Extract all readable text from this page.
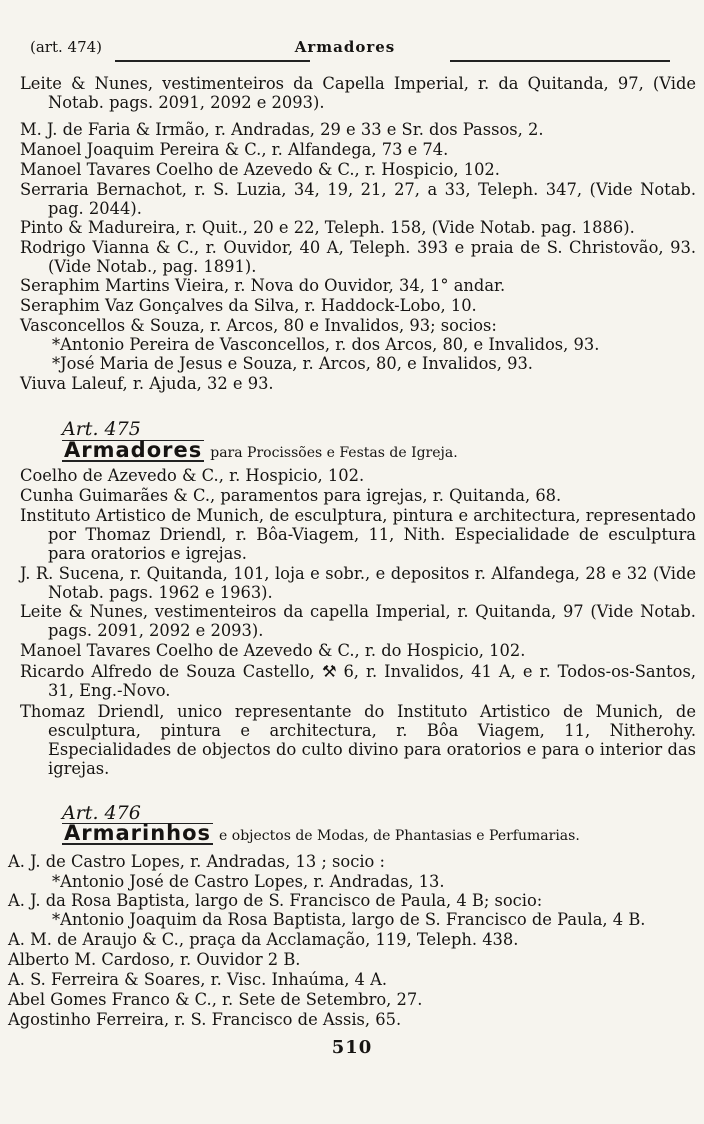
(art. 474)	Armadores
Leite & Nunes, vestimenteiros da Capella Imperial, r. da Quitanda, 97, (Vide Notab. pags. 2091, 2092 e 2093).
M. J. de Faria & Irmão, r. Andradas, 29 e 33 e Sr. dos Passos, 2.
Manoel Joaquim Pereira & C., r. Alfandega, 73 e 74.
Manoel Tavares Coelho de Azevedo & C., r. Hospicio, 102.
Serraria Bernachot, r. S. Luzia, 34, 19, 21, 27, a 33, Teleph. 347, (Vide Notab. pag. 2044).
Pinto & Madureira, r. Quit., 20 e 22, Teleph. 158, (Vide Notab. pag. 1886).
Rodrigo Vianna & C., r. Ouvidor, 40 A, Teleph. 393 e praia de S. Christovão, 93. (Vide Notab., pag. 1891).
Seraphim Martins Vieira, r. Nova do Ouvidor, 34, 1° andar.
Seraphim Vaz Gonçalves da Silva, r. Haddock-Lobo, 10.
Vasconcellos & Souza, r. Arcos, 80 e Invalidos, 93; socios:
*Antonio Pereira de Vasconcellos, r. dos Arcos, 80, e Invalidos, 93.
*José Maria de Jesus e Souza, r. Arcos, 80, e Invalidos, 93.
Viuva Laleuf, r. Ajuda, 32 e 93.
Art. 475
Armadores para Procissões e Festas de Igreja.
Coelho de Azevedo & C., r. Hospicio, 102.
Cunha Guimarães & C., paramentos para igrejas, r. Quitanda, 68.
Instituto Artistico de Munich, de esculptura, pintura e architectura, representado por Thomaz Driendl, r. Bôa-Viagem, 11, Nith. Especialidade de esculptura para oratorios e igrejas.
J. R. Sucena, r. Quitanda, 101, loja e sobr., e depositos r. Alfandega, 28 e 32 (Vide Notab. pags. 1962 e 1963).
Leite & Nunes, vestimenteiros da capella Imperial, r. Quitanda, 97 (Vide Notab. pags. 2091, 2092 e 2093).
Manoel Tavares Coelho de Azevedo & C., r. do Hospicio, 102.
Ricardo Alfredo de Souza Castello, ⚒ 6, r. Invalidos, 41 A, e r. Todos-os-Santos, 31, Eng.-Novo.
Thomaz Driendl, unico representante do Instituto Artistico de Munich, de esculptura, pintura e architectura, r. Bôa Viagem, 11, Nitherohy. Especialidades de objectos do culto divino para oratorios e para o interior das igrejas.
Art. 476
Armarinhos e objectos de Modas, de Phantasias e Perfumarias.
A. J. de Castro Lopes, r. Andradas, 13 ; socio :
*Antonio José de Castro Lopes, r. Andradas, 13.
A. J. da Rosa Baptista, largo de S. Francisco de Paula, 4 B; socio:
*Antonio Joaquim da Rosa Baptista, largo de S. Francisco de Paula, 4 B.
A. M. de Araujo & C., praça da Acclamação, 119, Teleph. 438.
Alberto M. Cardoso, r. Ouvidor 2 B.
A. S. Ferreira & Soares, r. Visc. Inhaúma, 4 A.
Abel Gomes Franco & C., r. Sete de Setembro, 27.
Agostinho Ferreira, r. S. Francisco de Assis, 65.
510
